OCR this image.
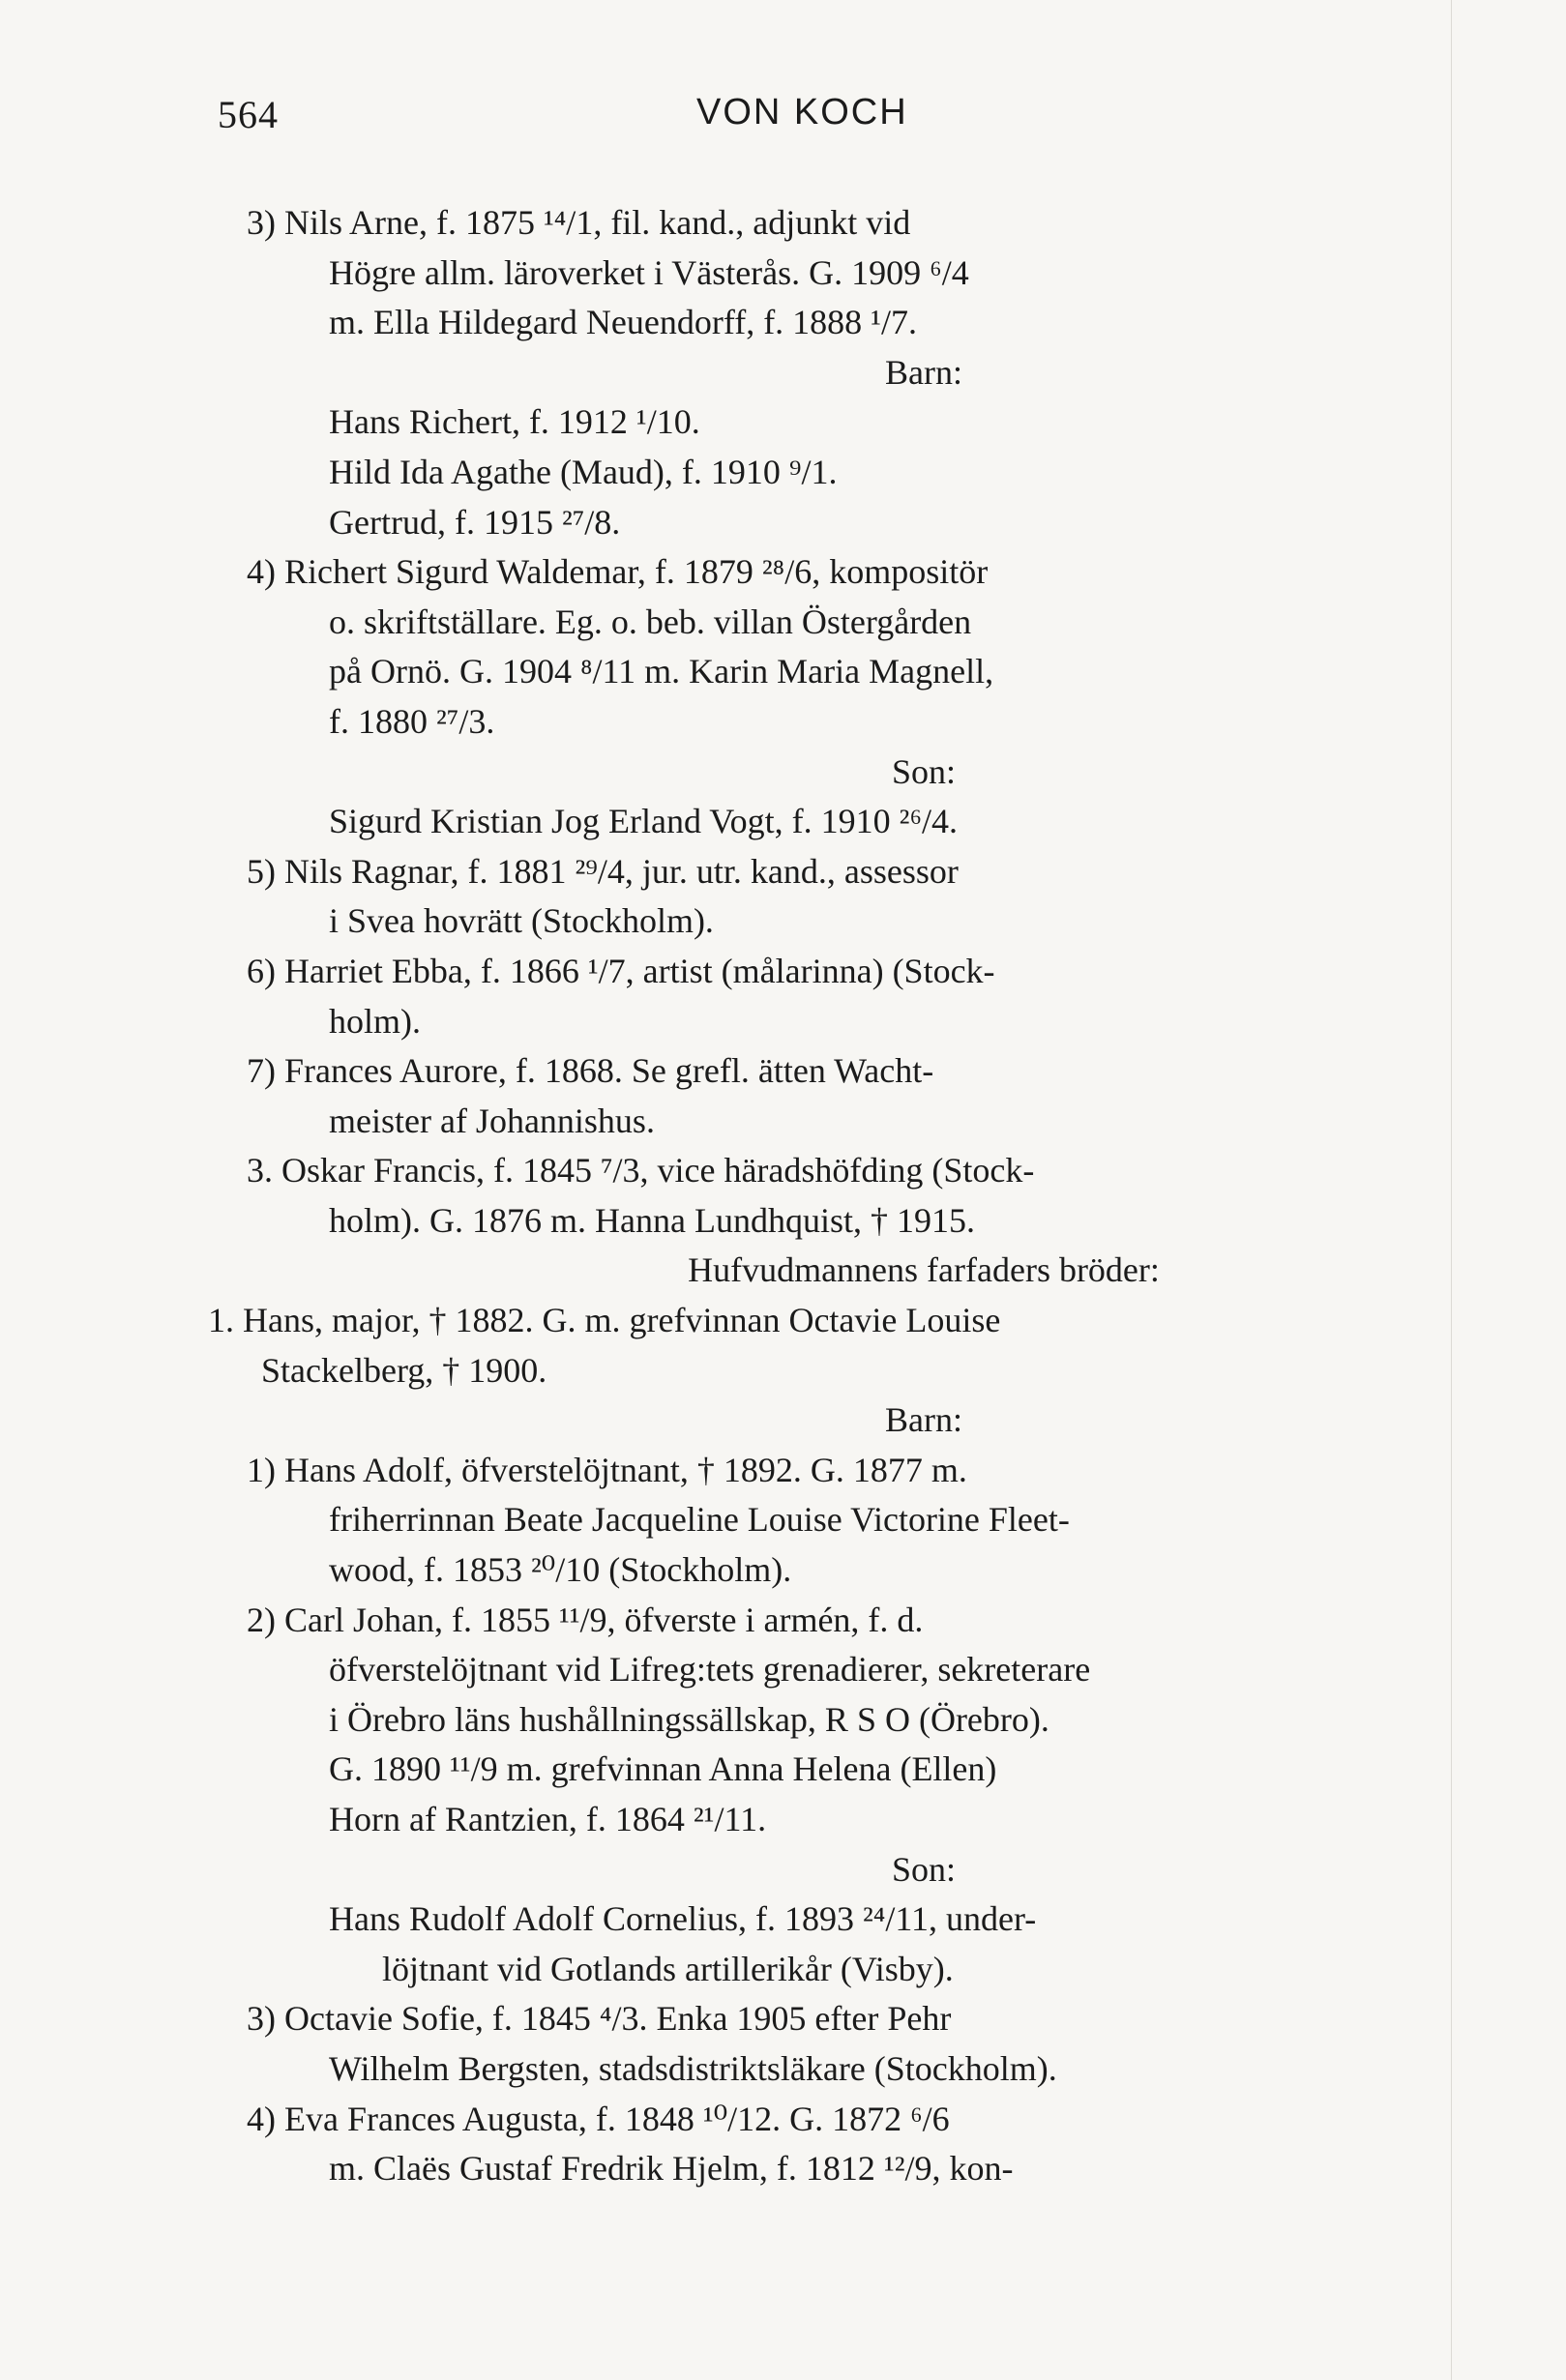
564	VON KOCH
3) Nils Arne, f. 1875 ¹⁴/1, fil. kand., adjunkt vid
Högre allm. läroverket i Västerås. G. 1909 ⁶/4
m. Ella Hildegard Neuendorff, f. 1888 ¹/7.
Barn:
Hans Richert, f. 1912 ¹/10.
Hild Ida Agathe (Maud), f. 1910 ⁹/1.
Gertrud, f. 1915 ²⁷/8.
4) Richert Sigurd Waldemar, f. 1879 ²⁸/6, kompositör
o. skriftställare. Eg. o. beb. villan Östergården
på Ornö. G. 1904 ⁸/11 m. Karin Maria Magnell,
f. 1880 ²⁷/3.
Son:
Sigurd Kristian Jog Erland Vogt, f. 1910 ²⁶/4.
5) Nils Ragnar, f. 1881 ²⁹/4, jur. utr. kand., assessor
i Svea hovrätt (Stockholm).
6) Harriet Ebba, f. 1866 ¹/7, artist (målarinna) (Stock-
holm).
7) Frances Aurore, f. 1868. Se grefl. ätten Wacht-
meister af Johannishus.
3. Oskar Francis, f. 1845 ⁷/3, vice häradshöfding (Stock-
holm). G. 1876 m. Hanna Lundhquist, † 1915.
Hufvudmannens farfaders bröder:
1. Hans, major, † 1882. G. m. grefvinnan Octavie Louise
Stackelberg, † 1900.
Barn:
1) Hans Adolf, öfverstelöjtnant, † 1892. G. 1877 m.
friherrinnan Beate Jacqueline Louise Victorine Fleet-
wood, f. 1853 ²⁰/10 (Stockholm).
2) Carl Johan, f. 1855 ¹¹/9, öfverste i armén, f. d.
öfverstelöjtnant vid Lifreg:tets grenadierer, sekreterare
i Örebro läns hushållningssällskap, R S O (Örebro).
G. 1890 ¹¹/9 m. grefvinnan Anna Helena (Ellen)
Horn af Rantzien, f. 1864 ²¹/11.
Son:
Hans Rudolf Adolf Cornelius, f. 1893 ²⁴/11, under-
löjtnant vid Gotlands artillerikår (Visby).
3) Octavie Sofie, f. 1845 ⁴/3. Enka 1905 efter Pehr
Wilhelm Bergsten, stadsdistriktsläkare (Stockholm).
4) Eva Frances Augusta, f. 1848 ¹⁰/12. G. 1872 ⁶/6
m. Claës Gustaf Fredrik Hjelm, f. 1812 ¹²/9, kon-
